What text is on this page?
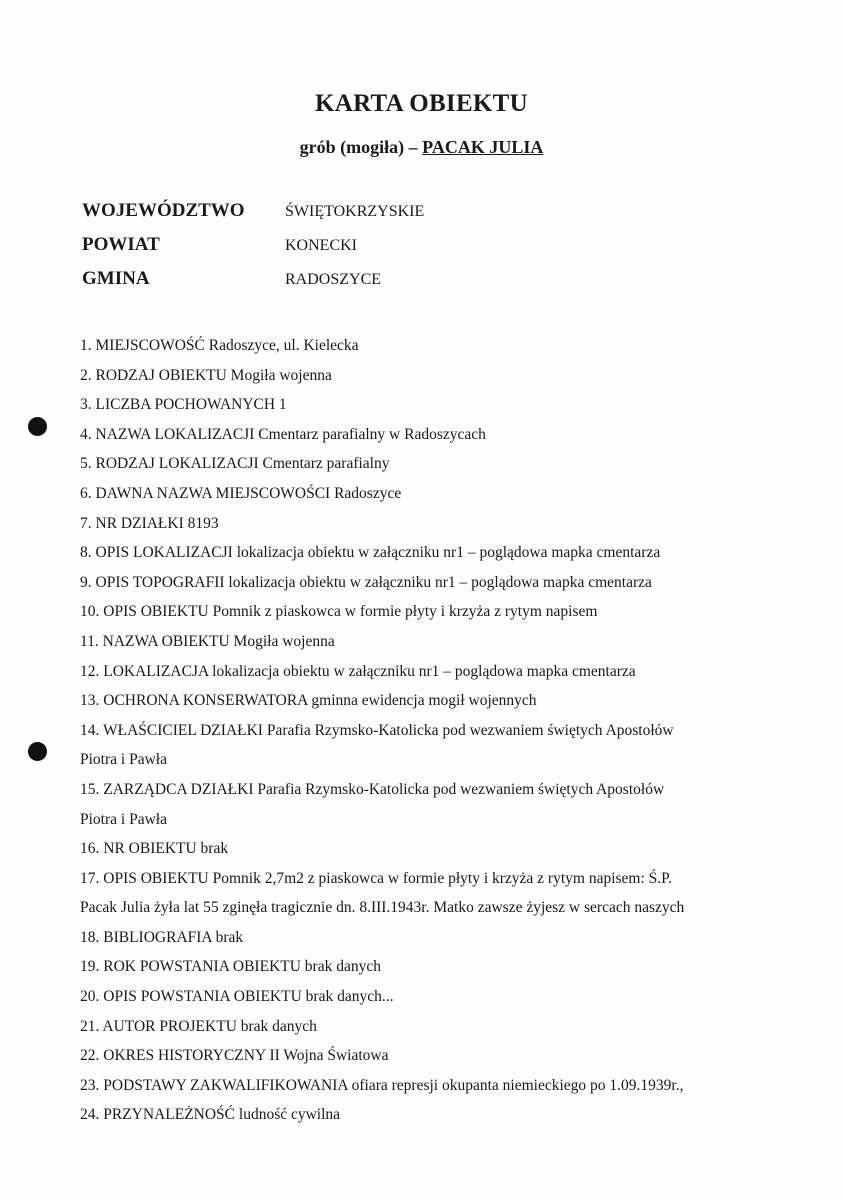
KARTA OBIEKTU
grób (mogiła) – PACAK JULIA
WOJEWÓDZTWO	ŚWIĘTOKRZYSKIE
POWIAT	KONECKI
GMINA	RADOSZYCE
1. MIEJSCOWOŚĆ Radoszyce, ul. Kielecka
2. RODZAJ OBIEKTU Mogiła wojenna
3. LICZBA POCHOWANYCH 1
4. NAZWA LOKALIZACJI Cmentarz parafialny w Radoszycach
5. RODZAJ LOKALIZACJI Cmentarz parafialny
6. DAWNA NAZWA MIEJSCOWOŚCI Radoszyce
7. NR DZIAŁKI 8193
8. OPIS LOKALIZACJI lokalizacja obiektu w załączniku nr1 – poglądowa mapka cmentarza
9. OPIS TOPOGRAFII lokalizacja obiektu w załączniku nr1 – poglądowa mapka cmentarza
10. OPIS OBIEKTU Pomnik z piaskowca w formie płyty i krzyża z rytym napisem
11. NAZWA OBIEKTU Mogiła wojenna
12. LOKALIZACJA lokalizacja obiektu w załączniku nr1 – poglądowa mapka cmentarza
13. OCHRONA KONSERWATORA gminna ewidencja mogił wojennych
14. WŁAŚCICIEL DZIAŁKI Parafia Rzymsko-Katolicka pod wezwaniem świętych Apostołów
Piotra i Pawła
15. ZARZĄDCA DZIAŁKI Parafia Rzymsko-Katolicka pod wezwaniem świętych Apostołów
Piotra i Pawła
16. NR OBIEKTU brak
17. OPIS OBIEKTU Pomnik 2,7m2 z piaskowca w formie płyty i krzyża z rytym napisem: Ś.P.
Pacak Julia żyła lat 55 zginęła tragicznie dn. 8.III.1943r. Matko zawsze żyjesz w sercach naszych
18. BIBLIOGRAFIA brak
19. ROK POWSTANIA OBIEKTU brak danych
20. OPIS POWSTANIA OBIEKTU brak danych...
21. AUTOR PROJEKTU brak danych
22. OKRES HISTORYCZNY II Wojna Światowa
23. PODSTAWY ZAKWALIFIKOWANIA ofiara represji okupanta niemieckiego po 1.09.1939r.,
24. PRZYNALEŻNOŚĆ ludność cywilna
